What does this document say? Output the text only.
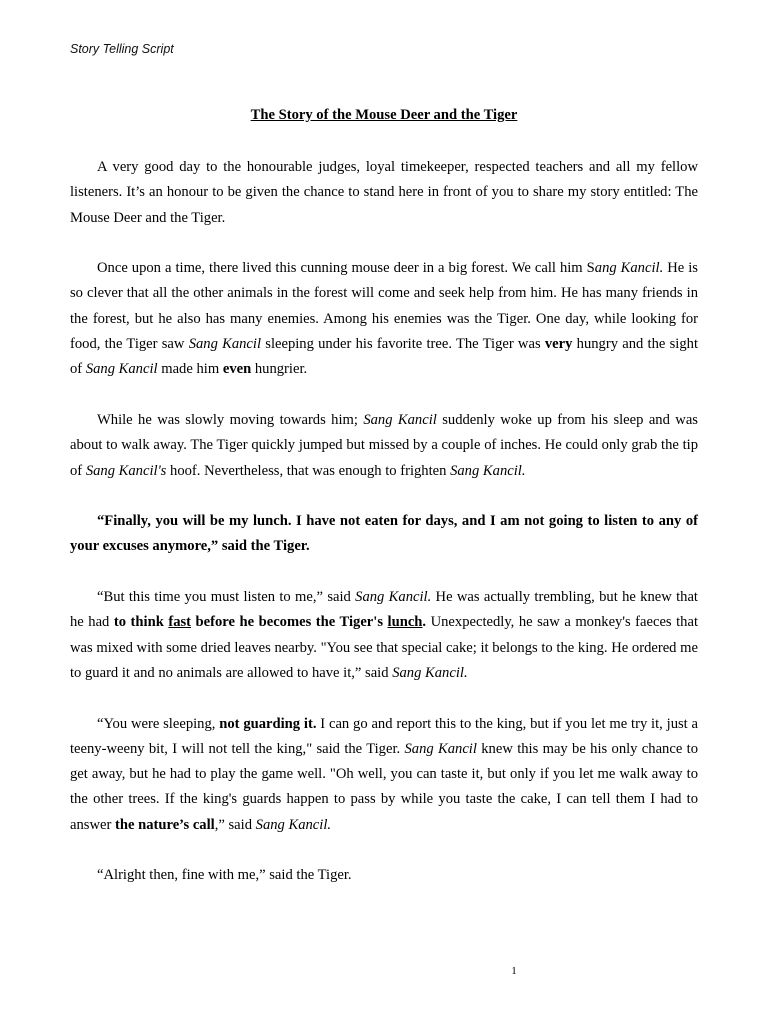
Story Telling Script
The Story of the Mouse Deer and the Tiger

A very good day to the honourable judges, loyal timekeeper, respected teachers and all my fellow listeners. It’s an honour to be given the chance to stand here in front of you to share my story entitled: The Mouse Deer and the Tiger.

Once upon a time, there lived this cunning mouse deer in a big forest. We call him Sang Kancil. He is so clever that all the other animals in the forest will come and seek help from him. He has many friends in the forest, but he also has many enemies. Among his enemies was the Tiger. One day, while looking for food, the Tiger saw Sang Kancil sleeping under his favorite tree. The Tiger was very hungry and the sight of Sang Kancil made him even hungrier.

While he was slowly moving towards him; Sang Kancil suddenly woke up from his sleep and was about to walk away. The Tiger quickly jumped but missed by a couple of inches. He could only grab the tip of Sang Kancil's hoof. Nevertheless, that was enough to frighten Sang Kancil.

“Finally, you will be my lunch. I have not eaten for days, and I am not going to listen to any of your excuses anymore,” said the Tiger.

“But this time you must listen to me,” said Sang Kancil. He was actually trembling, but he knew that he had to think fast before he becomes the Tiger's lunch. Unexpectedly, he saw a monkey's faeces that was mixed with some dried leaves nearby. "You see that special cake; it belongs to the king. He ordered me to guard it and no animals are allowed to have it,” said Sang Kancil.

“You were sleeping, not guarding it. I can go and report this to the king, but if you let me try it, just a teeny-weeny bit, I will not tell the king," said the Tiger. Sang Kancil knew this may be his only chance to get away, but he had to play the game well. "Oh well, you can taste it, but only if you let me walk away to the other trees. If the king's guards happen to pass by while you taste the cake, I can tell them I had to answer the nature’s call,” said Sang Kancil.

“Alright then, fine with me,” said the Tiger.

1
